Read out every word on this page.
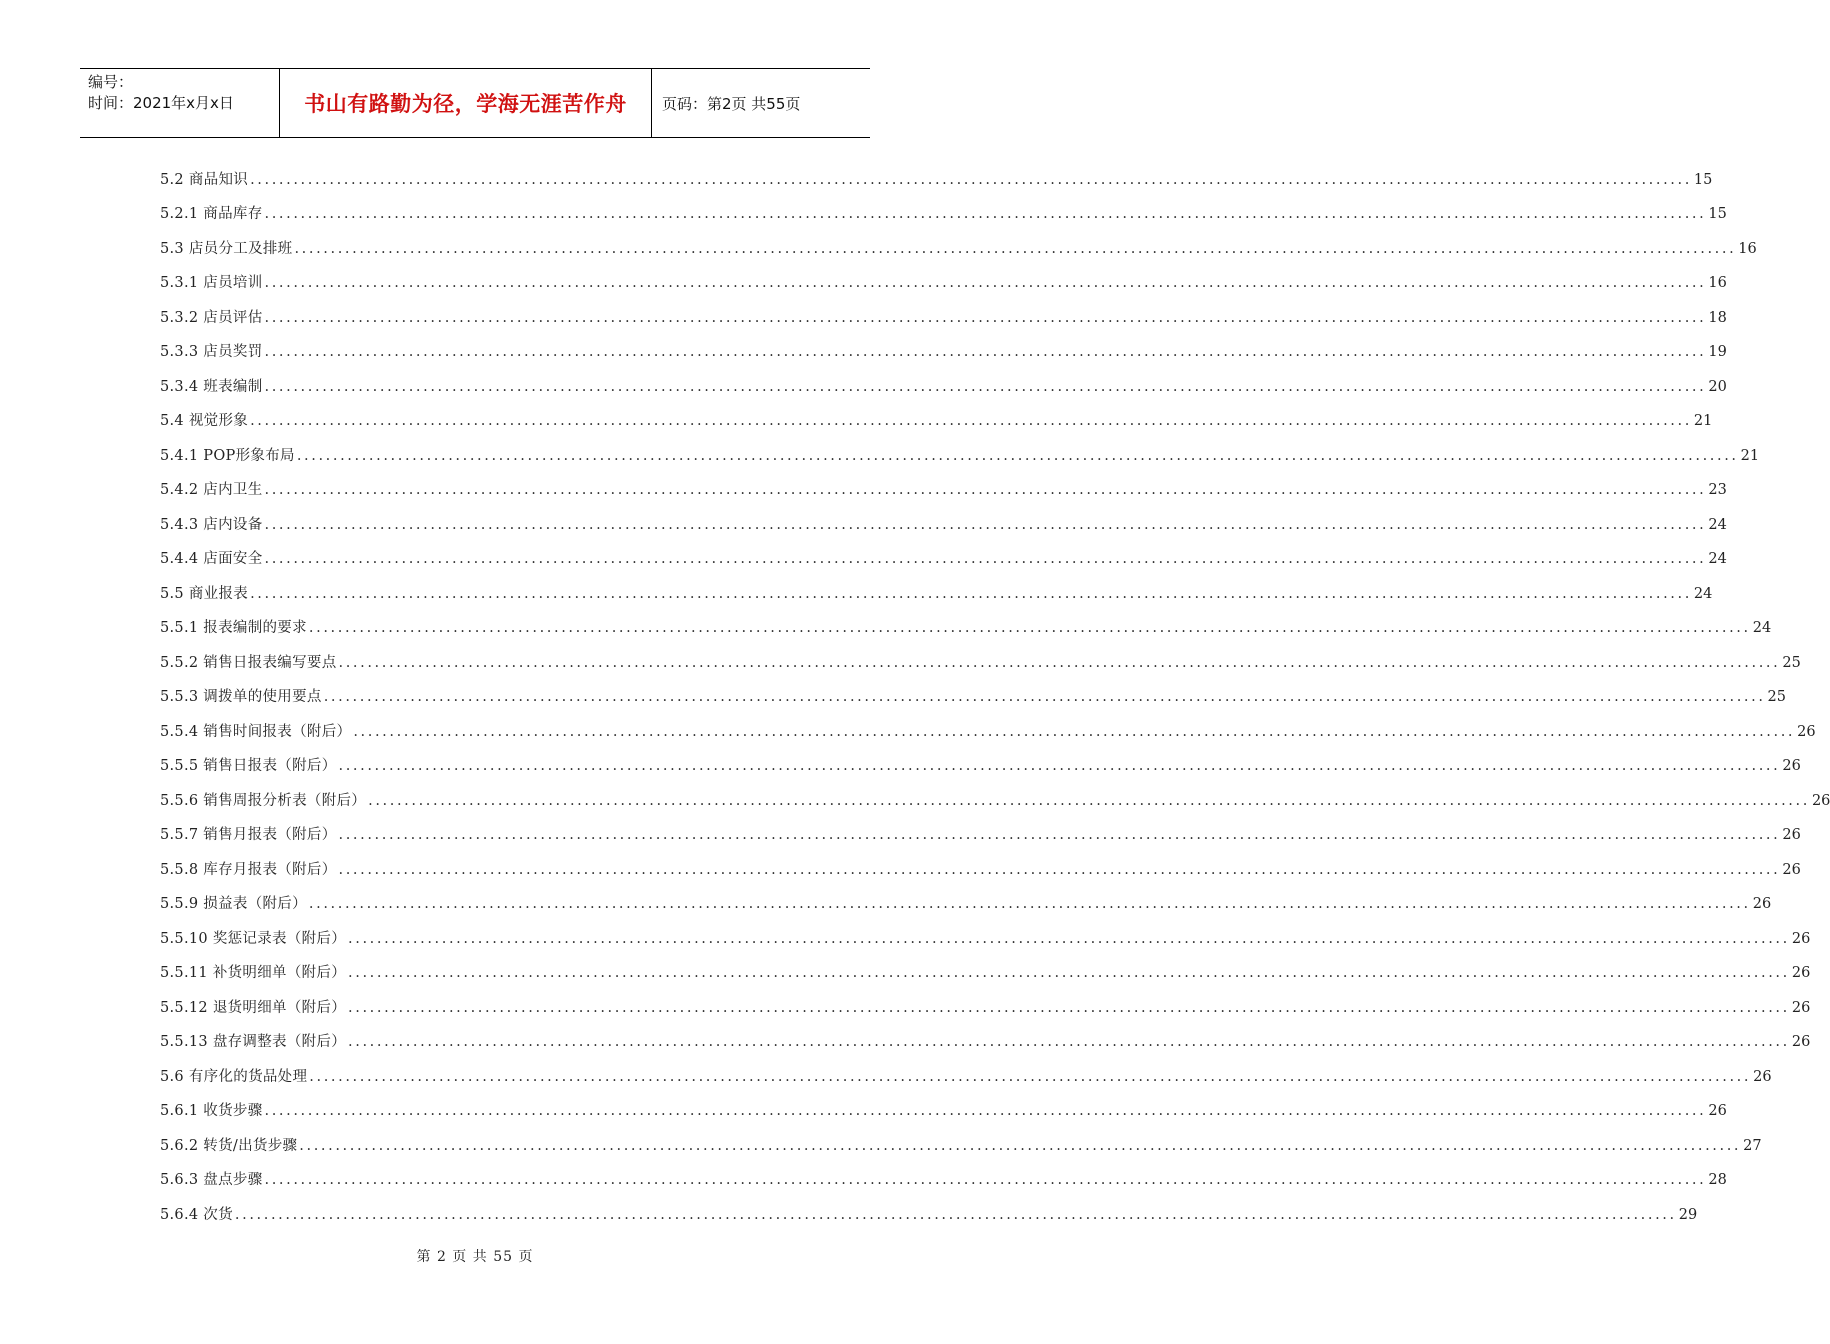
编号：
时间：2021年x月x日	书山有路勤为径，学海无涯苦作舟 页码：第2页 共55页
5.2 商品知识 ........................................................................................................................................................................................................ 15
5.2.1 商品库存 ........................................................................................................................................................................................................ 15
5.3 店员分工及排班 ........................................................................................................................................................................................................ 16
5.3.1 店员培训 ........................................................................................................................................................................................................ 16
5.3.2 店员评估 ........................................................................................................................................................................................................ 18
5.3.3 店员奖罚 ........................................................................................................................................................................................................ 19
5.3.4 班表编制 ........................................................................................................................................................................................................ 20
5.4 视觉形象 ........................................................................................................................................................................................................ 21
5.4.1 POP形象布局 ........................................................................................................................................................................................................ 21
5.4.2 店内卫生 ........................................................................................................................................................................................................ 23
5.4.3 店内设备 ........................................................................................................................................................................................................ 24
5.4.4 店面安全 ........................................................................................................................................................................................................ 24
5.5 商业报表 ........................................................................................................................................................................................................ 24
5.5.1 报表编制的要求 ........................................................................................................................................................................................................ 24
5.5.2 销售日报表编写要点 ........................................................................................................................................................................................................ 25
5.5.3 调拨单的使用要点 ........................................................................................................................................................................................................ 25
5.5.4 销售时间报表（附后） ........................................................................................................................................................................................................ 26
5.5.5 销售日报表（附后） ........................................................................................................................................................................................................ 26
5.5.6 销售周报分析表（附后） ........................................................................................................................................................................................................ 26
5.5.7 销售月报表（附后） ........................................................................................................................................................................................................ 26
5.5.8 库存月报表（附后） ........................................................................................................................................................................................................ 26
5.5.9 损益表（附后） ........................................................................................................................................................................................................ 26
5.5.10 奖惩记录表（附后） ........................................................................................................................................................................................................ 26
5.5.11 补货明细单（附后） ........................................................................................................................................................................................................ 26
5.5.12 退货明细单（附后） ........................................................................................................................................................................................................ 26
5.5.13 盘存调整表（附后） ........................................................................................................................................................................................................ 26
5.6 有序化的货品处理 ........................................................................................................................................................................................................ 26
5.6.1 收货步骤 ........................................................................................................................................................................................................ 26
5.6.2 转货/出货步骤 ........................................................................................................................................................................................................ 27
5.6.3 盘点步骤 ........................................................................................................................................................................................................ 28
5.6.4 次货 ........................................................................................................................................................................................................ 29
第 2 页 共 55 页
